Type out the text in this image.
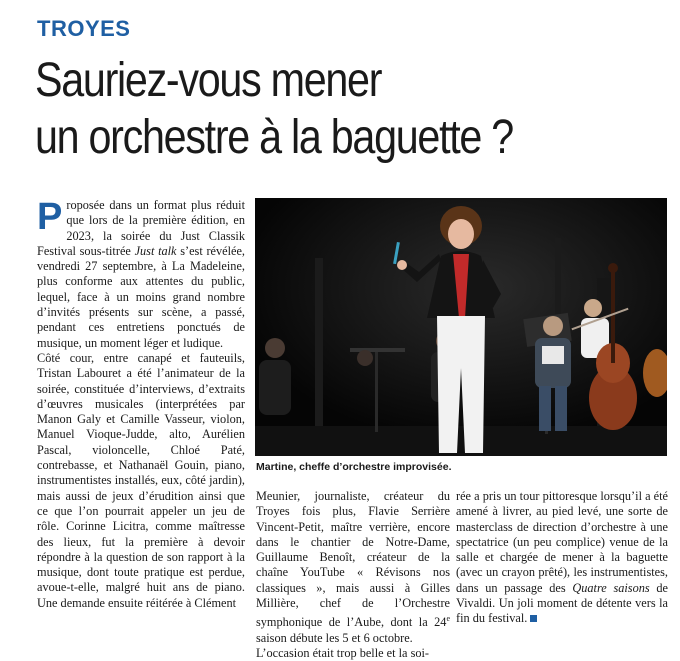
TROYES
Sauriez-vous mener
un orchestre à la baguette ?

Proposée dans un format plus réduit que lors de la première édition, en 2023, la soirée du Just Classik Festival sous-titrée Just talk s’est révélée, vendredi 27 septembre, à La Madeleine, plus conforme aux attentes du public, lequel, face à un moins grand nombre d’invités présents sur scène, a passé, pendant ces entretiens ponctués de musique, un moment léger et ludique.

Côté cour, entre canapé et fauteuils, Tristan Labouret a été l’animateur de la soirée, constituée d’interviews, d’extraits d’œuvres musicales (interprétées par Manon Galy et Camille Vasseur, violon, Manuel Vioque-Judde, alto, Aurélien Pascal, violoncelle, Chloé Paté, contrebasse, et Nathanaël Gouin, piano, instrumentistes installés, eux, côté jardin), mais aussi de jeux d’érudition ainsi que ce que l’on pourrait appeler un jeu de rôle. Corinne Licitra, comme maîtresse des lieux, fut la première à devoir répondre à la question de son rapport à la musique, dont toute pratique est perdue, avoue-t-elle, malgré huit ans de piano. Une demande ensuite réitérée à Clément

Martine, cheffe d’orchestre improvisée.

Meunier, journaliste, créateur du Troyes fois plus, Flavie Serrière Vincent-Petit, maître verrière, encore dans le chantier de Notre-Dame, Guillaume Benoît, créateur de la chaîne YouTube « Révisons nos classiques », mais aussi à Gilles Millière, chef de l’Orchestre symphonique de l’Aube, dont la 24e saison débute les 5 et 6 octobre.

L’occasion était trop belle et la soi-

rée a pris un tour pittoresque lorsqu’il a été amené à livrer, au pied levé, une sorte de masterclass de direction d’orchestre à une spectatrice (un peu complice) venue de la salle et chargée de mener à la baguette (avec un crayon prêté), les instrumentistes, dans un passage des Quatre saisons de Vivaldi. Un joli moment de détente vers la fin du festival.
